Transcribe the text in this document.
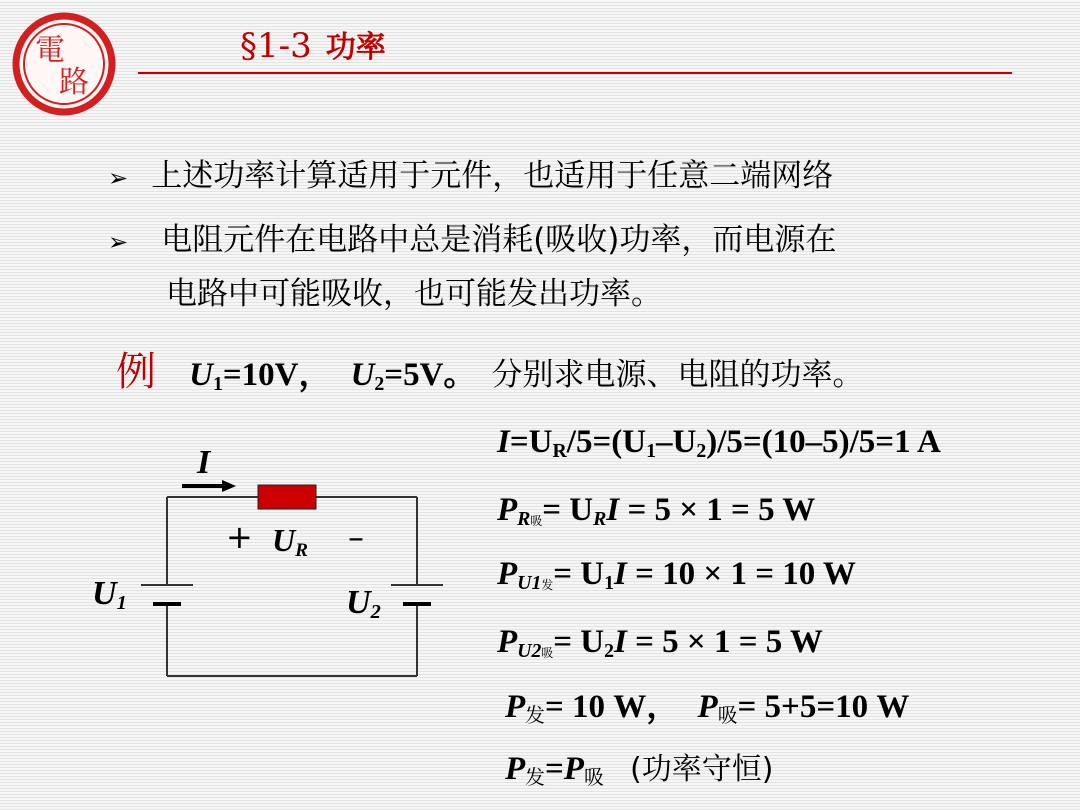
電
路
§1-3 功率
➢ 上述功率计算适用于元件，也适用于任意二端网络
➢ 电阻元件在电路中总是消耗(吸收)功率，而电源在
电路中可能吸收，也可能发出功率。
例 $U_1=10V$， $U_2=5V$。 分别求电源、电阻的功率。
I
+ $U_R$ –
$U_1$	$U_2$
$I=U_R/5=(U_1-U_2)/5=(10-5)/5=1$ A
$P_{R吸}= U_RI = 5 \times 1 = 5$ W
$P_{U1发}= U_1I = 10 \times 1 = 10$ W
$P_{U2吸}= U_2I = 5 \times 1 = 5$ W
$P_发= 10$ W， $P_吸= 5+5=10$ W
$P_发=P_吸$ (功率守恒)
